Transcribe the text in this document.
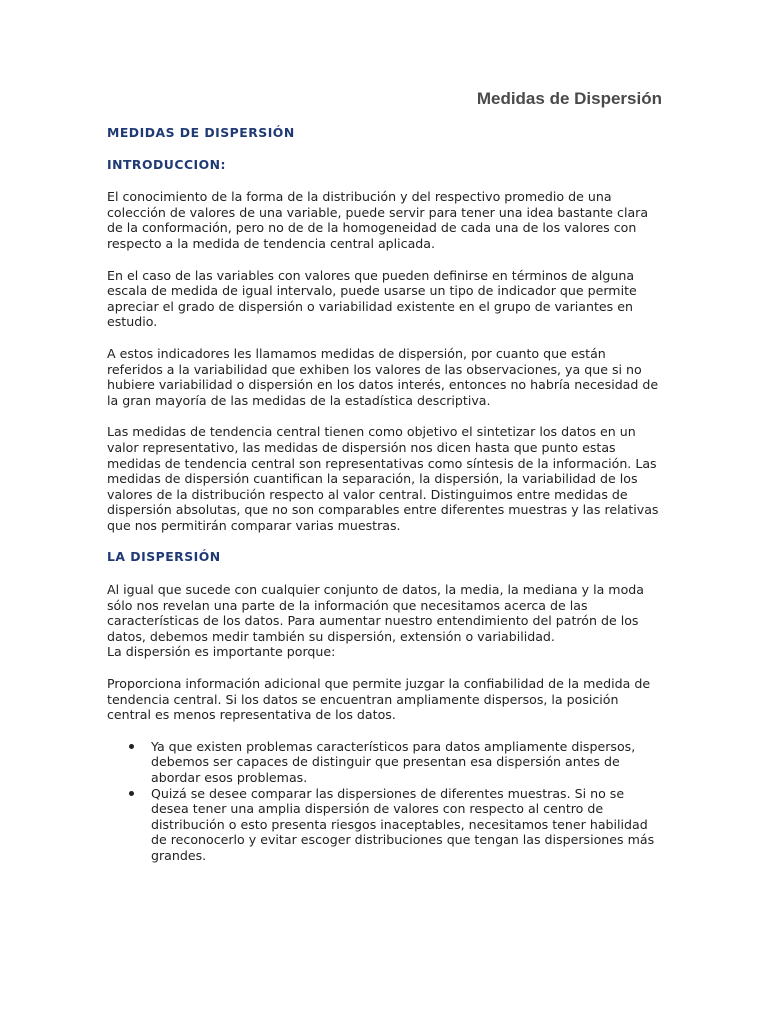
Medidas de Dispersión

MEDIDAS DE DISPERSIÓN

INTRODUCCION:

El conocimiento de la forma de la distribución y del respectivo promedio de una colección de valores de una variable, puede servir para tener una idea bastante clara de la conformación, pero no de de la homogeneidad de cada una de los valores con respecto a la medida de tendencia central aplicada.

En el caso de las variables con valores que pueden definirse en términos de alguna escala de medida de igual intervalo, puede usarse un tipo de indicador que permite apreciar el grado de dispersión o variabilidad existente en el grupo de variantes en estudio.

A estos indicadores les llamamos medidas de dispersión, por cuanto que están referidos a la variabilidad que exhiben los valores de las observaciones, ya que si no hubiere variabilidad o dispersión en los datos interés, entonces no habría necesidad de la gran mayoría de las medidas de la estadística descriptiva.

Las medidas de tendencia central tienen como objetivo el sintetizar los datos en un valor representativo, las medidas de dispersión nos dicen hasta que punto estas medidas de tendencia central son representativas como síntesis de la información. Las medidas de dispersión cuantifican la separación, la dispersión, la variabilidad de los valores de la distribución respecto al valor central. Distinguimos entre medidas de dispersión absolutas, que no son comparables entre diferentes muestras y las relativas que nos permitirán comparar varias muestras.

LA DISPERSIÓN

Al igual que sucede con cualquier conjunto de datos, la media, la mediana y la moda sólo nos revelan una parte de la información que necesitamos acerca de las características de los datos. Para aumentar nuestro entendimiento del patrón de los datos, debemos medir también su dispersión, extensión o variabilidad.

La dispersión es importante porque:

Proporciona información adicional que permite juzgar la confiabilidad de la medida de tendencia central. Si los datos se encuentran ampliamente dispersos, la posición central es menos representativa de los datos.

Ya que existen problemas característicos para datos ampliamente dispersos, debemos ser capaces de distinguir que presentan esa dispersión antes de abordar esos problemas.
Quizá se desee comparar las dispersiones de diferentes muestras. Si no se desea tener una amplia dispersión de valores con respecto al centro de distribución o esto presenta riesgos inaceptables, necesitamos tener habilidad de reconocerlo y evitar escoger distribuciones que tengan las dispersiones más grandes.
